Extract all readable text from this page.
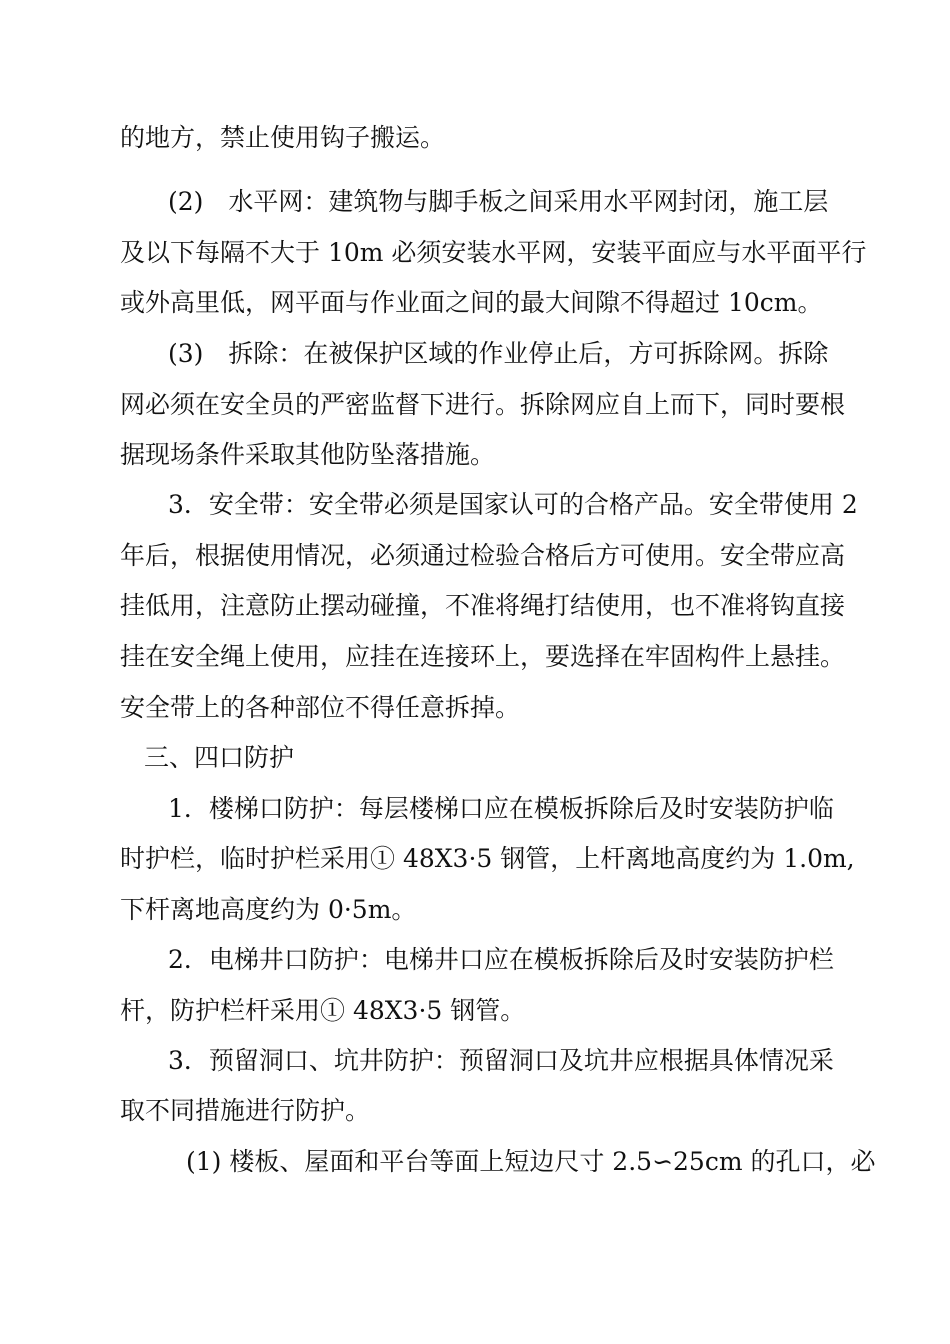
的地方，禁止使用钩子搬运。
(2)　水平网：建筑物与脚手板之间采用水平网封闭，施工层
及以下每隔不大于 10m 必须安装水平网，安装平面应与水平面平行
或外高里低，网平面与作业面之间的最大间隙不得超过 10cm。
(3)　拆除：在被保护区域的作业停止后，方可拆除网。拆除
网必须在安全员的严密监督下进行。拆除网应自上而下，同时要根
据现场条件采取其他防坠落措施。
3．安全带：安全带必须是国家认可的合格产品。安全带使用 2
年后，根据使用情况，必须通过检验合格后方可使用。安全带应高
挂低用，注意防止摆动碰撞，不准将绳打结使用，也不准将钩直接
挂在安全绳上使用，应挂在连接环上，要选择在牢固构件上悬挂。
安全带上的各种部位不得任意拆掉。
三、四口防护
1．楼梯口防护：每层楼梯口应在模板拆除后及时安装防护临
时护栏，临时护栏采用① 48X3·5 钢管，上杆离地高度约为 1.0m,
下杆离地高度约为 0·5m。
2．电梯井口防护：电梯井口应在模板拆除后及时安装防护栏
杆，防护栏杆采用① 48X3·5 钢管。
3．预留洞口、坑井防护：预留洞口及坑井应根据具体情况采
取不同措施进行防护。
(1) 楼板、屋面和平台等面上短边尺寸 2.5∽25cm 的孔口，必
